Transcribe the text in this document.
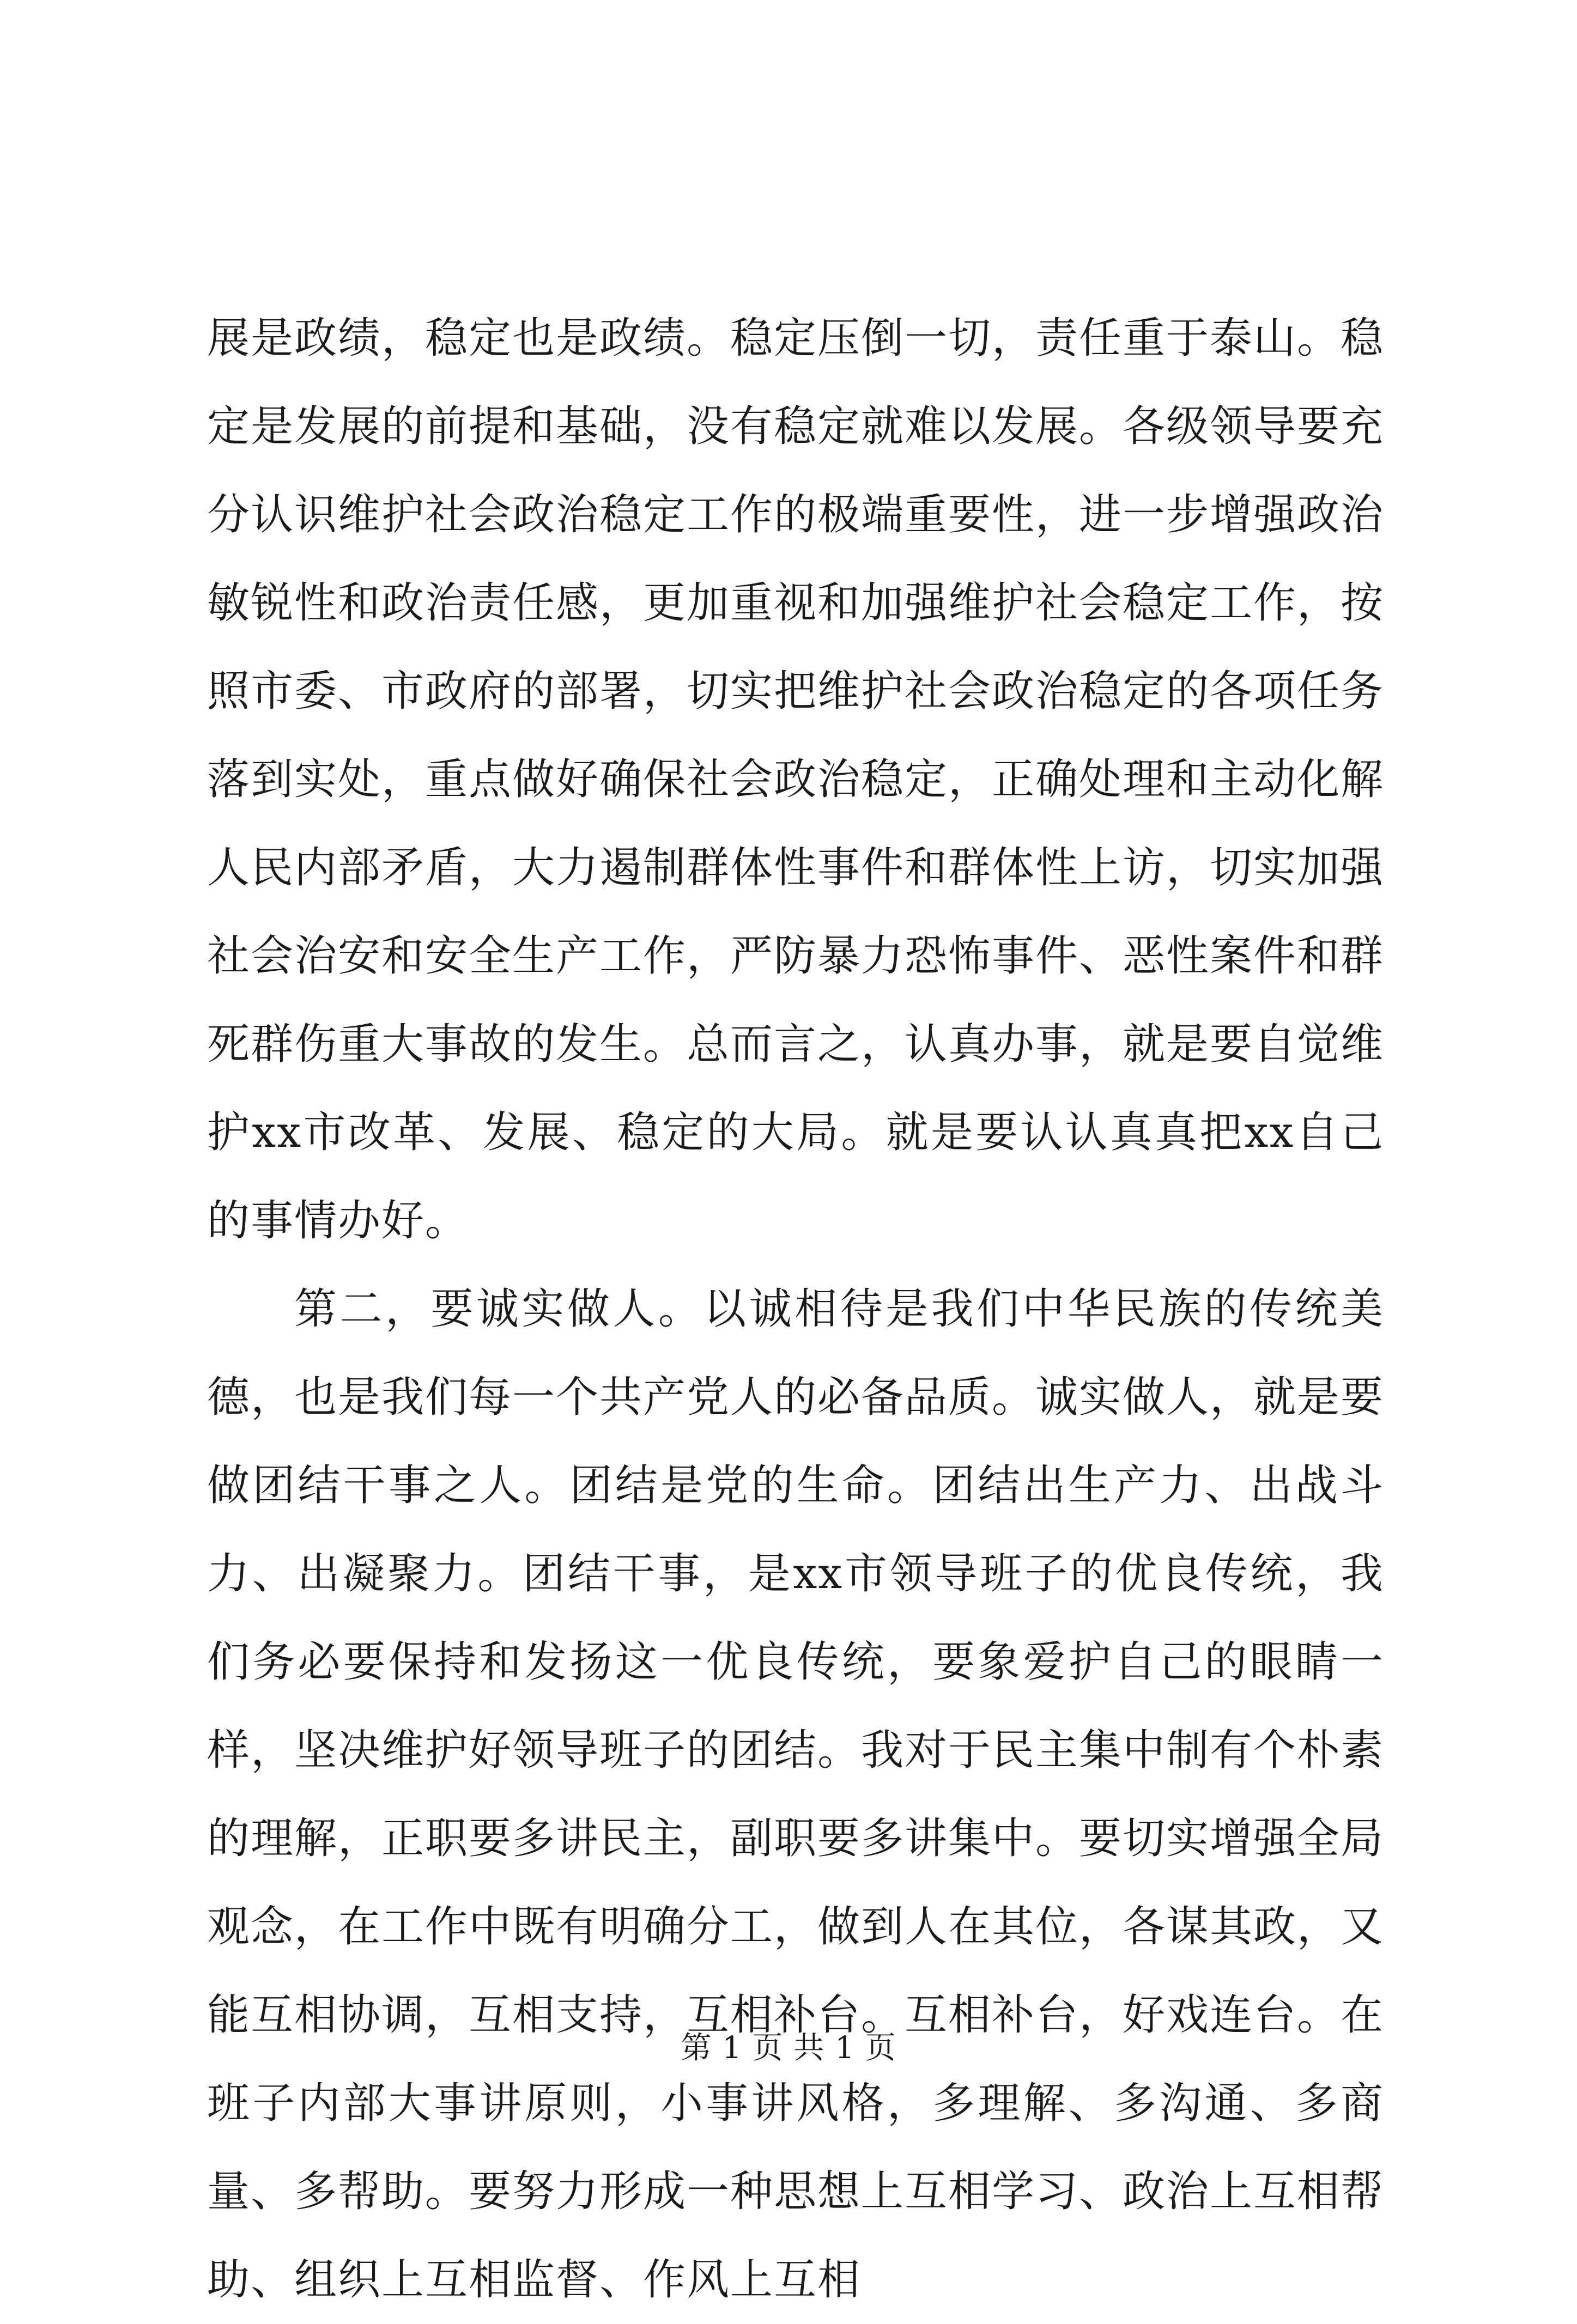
展是政绩，稳定也是政绩。稳定压倒一切，责任重于泰山。稳定是发展的前提和基础，没有稳定就难以发展。各级领导要充分认识维护社会政治稳定工作的极端重要性，进一步增强政治敏锐性和政治责任感，更加重视和加强维护社会稳定工作，按照市委、市政府的部署，切实把维护社会政治稳定的各项任务落到实处，重点做好确保社会政治稳定，正确处理和主动化解人民内部矛盾，大力遏制群体性事件和群体性上访，切实加强社会治安和安全生产工作，严防暴力恐怖事件、恶性案件和群死群伤重大事故的发生。总而言之，认真办事，就是要自觉维护xx市改革、发展、稳定的大局。就是要认认真真把xx自己的事情办好。

第二，要诚实做人。以诚相待是我们中华民族的传统美德，也是我们每一个共产党人的必备品质。诚实做人，就是要做团结干事之人。团结是党的生命。团结出生产力、出战斗力、出凝聚力。团结干事，是xx市领导班子的优良传统，我们务必要保持和发扬这一优良传统，要象爱护自己的眼睛一样，坚决维护好领导班子的团结。我对于民主集中制有个朴素的理解，正职要多讲民主，副职要多讲集中。要切实增强全局观念，在工作中既有明确分工，做到人在其位，各谋其政，又能互相协调，互相支持，互相补台。互相补台，好戏连台。在班子内部大事讲原则，小事讲风格，多理解、多沟通、多商量、多帮助。要努力形成一种思想上互相学习、政治上互相帮助、组织上互相监督、作风上互相

第 1 页 共 1 页
